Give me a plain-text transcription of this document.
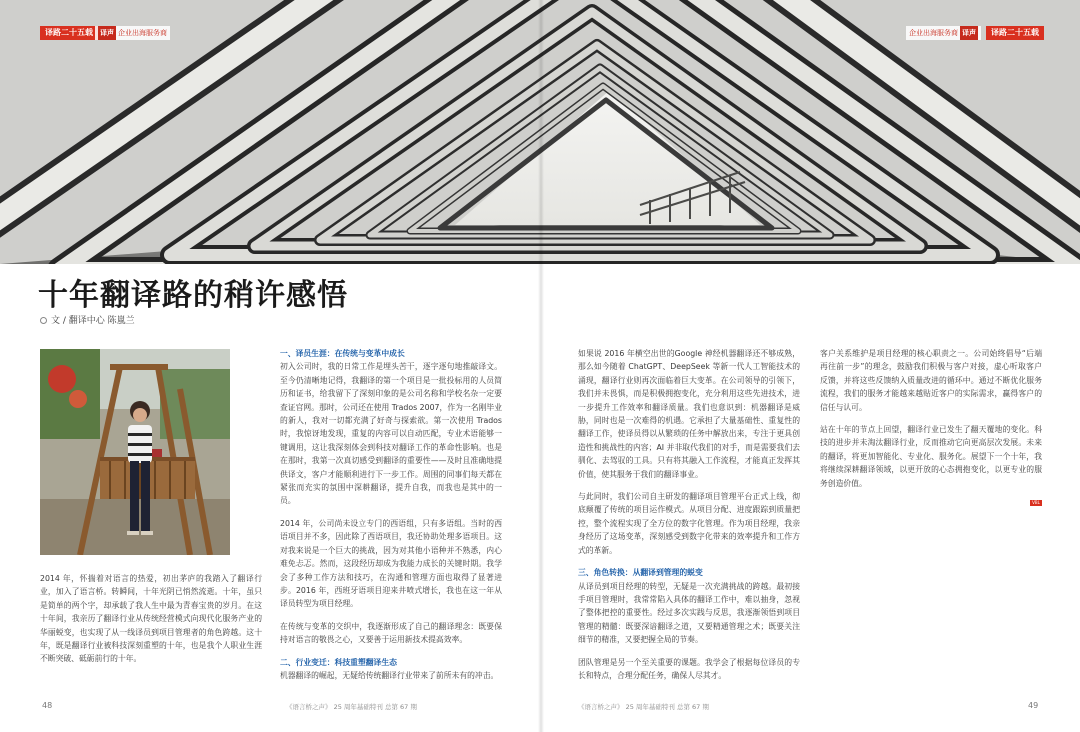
译路二十五载	译声 企业出海服务商	企业出海服务商 译声	译路二十五载
十年翻译路的稍许感悟
文 / 翻译中心 陈嵐兰

2014 年，怀揣着对语言的热爱，初出茅庐的我踏入了翻译行业，加入了语言桥。转瞬间，十年光阴已悄然流逝。十年，虽只是简单的两个字，却承载了我人生中最为青春宝贵的岁月。在这十年间，我亲历了翻译行业从传统经营模式向现代化服务产业的华丽蜕变，也实现了从一线译员到项目管理者的角色跨越。这十年，既是翻译行业被科技深刻重塑的十年，也是我个人职业生涯不断突破、砥砺前行的十年。

一、译员生涯：在传统与变革中成长

初入公司时，我的日常工作是埋头苦干，逐字逐句地推敲译文。至今仍清晰地记得，我翻译的第一个项目是一批投标用的人员简历和证书，给我留下了深刻印象的是公司名称和学校名杂一定要查证官网。那时，公司还在使用 Trados 2007，作为一名刚毕业的新人，我对一切都充满了好奇与探索欲。第一次使用 Trados 时，我惊讶地发现，重复的内容可以自动匹配，专业术语能够一键调用，这让我深刻体会到科技对翻译工作的革命性影响。也是在那时，我第一次真切感受到翻译的重要性——及时且准确地提供译文，客户才能顺利进行下一步工作。周围的同事们每天都在紧张而充实的氛围中深耕翻译，提升自我，而我也是其中的一员。

2014 年，公司尚未设立专门的西语组，只有多语组。当时的西语项目并不多，因此除了西语项目，我还协助处理多语项目。这对我来说是一个巨大的挑战，因为对其他小语种并不熟悉，内心难免忐忑。然而，这段经历却成为我能力成长的关键时期。我学会了多种工作方法和技巧，在沟通和管理方面也取得了显著进步。2016 年，西班牙语项目迎来井喷式增长，我也在这一年从译员转型为项目经理。

在传统与变革的交织中，我逐渐形成了自己的翻译理念：既要保持对语言的敬畏之心，又要善于运用新技术提高效率。

二、行业变迁：科技重塑翻译生态

机器翻译的崛起，无疑给传统翻译行业带来了前所未有的冲击。

如果说 2016 年横空出世的Google 神经机器翻译还不够成熟，那么如今随着 ChatGPT、DeepSeek 等新一代人工智能技术的涌现，翻译行业则再次面临着巨大变革。在公司领导的引领下，我们并未畏惧，而是积极拥抱变化，充分利用这些先进技术，进一步提升工作效率和翻译质量。我们也意识到：机器翻译是威胁，同时也是一次难得的机遇。它承担了大量基础性、重复性的翻译工作，使译员得以从繁琐的任务中解放出来，专注于更具创造性和挑战性的内容；AI 并非取代我们的对手，而是需要我们去驯化、去驾驭的工具。只有将其融入工作流程，才能真正发挥其价值，使其服务于我们的翻译事业。

与此同时，我们公司自主研发的翻译项目管理平台正式上线，彻底颠覆了传统的项目运作模式。从项目分配、进度跟踪到质量把控，整个流程实现了全方位的数字化管理。作为项目经理，我亲身经历了这场变革，深刻感受到数字化带来的效率提升和工作方式的革新。

三、角色转换：从翻译到管理的蜕变

从译员到项目经理的转型，无疑是一次充满挑战的跨越。最初接手项目管理时，我常常陷入具体的翻译工作中，难以抽身，忽视了整体把控的重要性。经过多次实践与反思，我逐渐领悟到项目管理的精髓：既要深谙翻译之道，又要精通管理之术；既要关注细节的精准，又要把握全局的节奏。

团队管理是另一个至关重要的课题。我学会了根据每位译员的专长和特点，合理分配任务，确保人尽其才。

客户关系维护是项目经理的核心职责之一。公司始终倡导“后端再往前一步”的理念，鼓励我们积极与客户对接，虚心听取客户反馈，并将这些反馈纳入质量改进的循环中。通过不断优化服务流程，我们的服务才能越来越贴近客户的实际需求，赢得客户的信任与认可。

站在十年的节点上回望，翻译行业已发生了翻天覆地的变化。科技的进步并未淘汰翻译行业，反而推动它向更高层次发展。未来的翻译，将更加智能化、专业化、服务化。展望下一个十年，我将继续深耕翻译领域，以更开放的心态拥抱变化，以更专业的服务创造价值。

VBL
48	《语言桥之声》 25 周年基础特刊 总第 67 期	《语言桥之声》 25 周年基础特刊 总第 67 期	49
